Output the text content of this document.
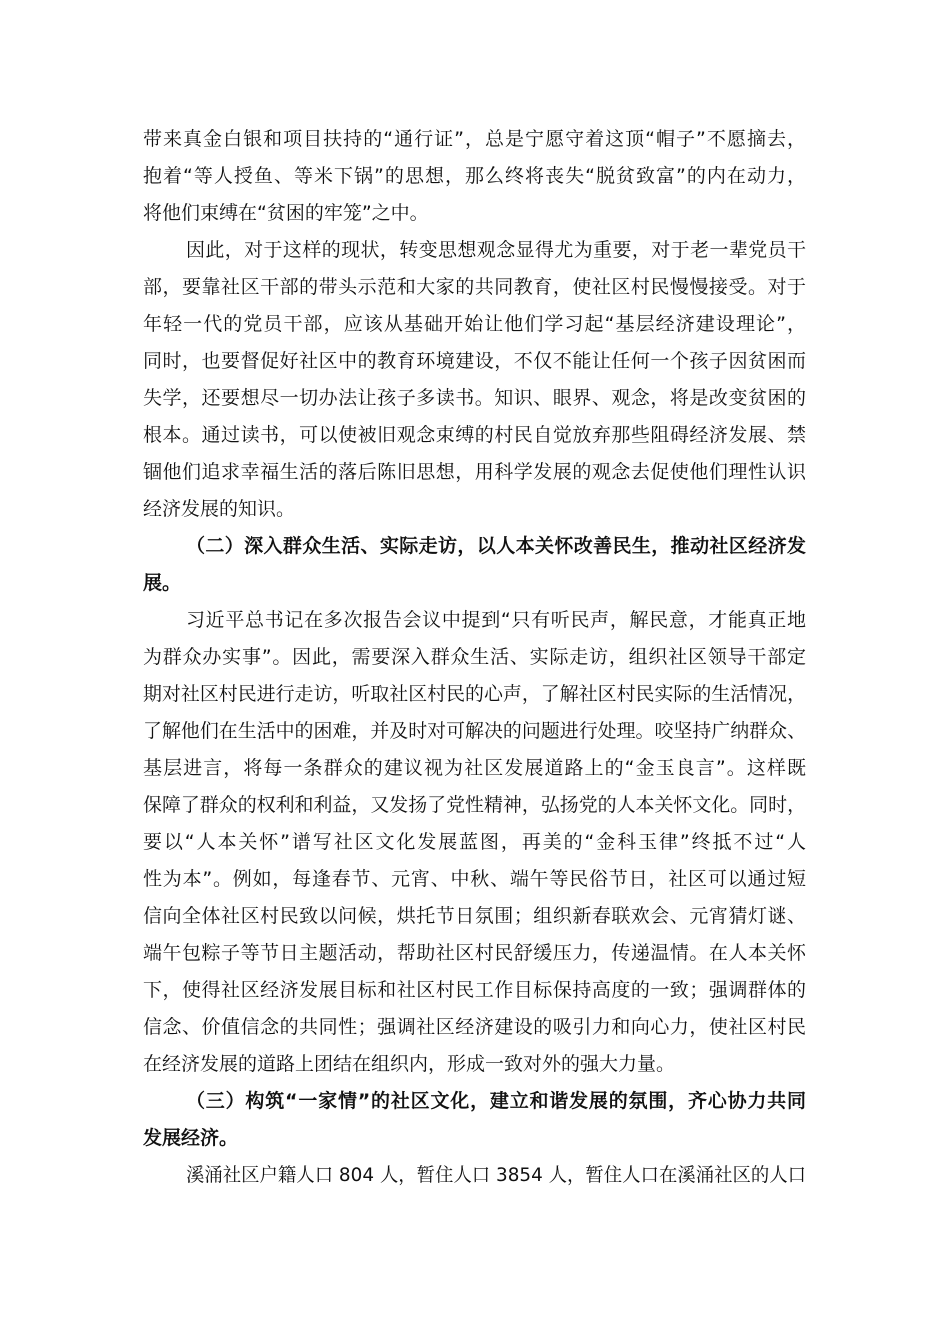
带来真金白银和项目扶持的“通行证”，总是宁愿守着这顶“帽子”不愿摘去，
抱着“等人授鱼、等米下锅”的思想，那么终将丧失“脱贫致富”的内在动力，
将他们束缚在“贫困的牢笼”之中。
因此，对于这样的现状，转变思想观念显得尤为重要，对于老一辈党员干
部，要靠社区干部的带头示范和大家的共同教育，使社区村民慢慢接受。对于
年轻一代的党员干部，应该从基础开始让他们学习起“基层经济建设理论”，
同时，也要督促好社区中的教育环境建设，不仅不能让任何一个孩子因贫困而
失学，还要想尽一切办法让孩子多读书。知识、眼界、观念，将是改变贫困的
根本。通过读书，可以使被旧观念束缚的村民自觉放弃那些阻碍经济发展、禁
锢他们追求幸福生活的落后陈旧思想，用科学发展的观念去促使他们理性认识
经济发展的知识。
（二）深入群众生活、实际走访，以人本关怀改善民生，推动社区经济发
展。
习近平总书记在多次报告会议中提到“只有听民声，解民意，才能真正地
为群众办实事”。因此，需要深入群众生活、实际走访，组织社区领导干部定
期对社区村民进行走访，听取社区村民的心声，了解社区村民实际的生活情况，
了解他们在生活中的困难，并及时对可解决的问题进行处理。咬坚持广纳群众、
基层进言，将每一条群众的建议视为社区发展道路上的“金玉良言”。这样既
保障了群众的权利和利益，又发扬了党性精神，弘扬党的人本关怀文化。同时，
要以“人本关怀”谱写社区文化发展蓝图，再美的“金科玉律”终抵不过“人
性为本”。例如，每逢春节、元宵、中秋、端午等民俗节日，社区可以通过短
信向全体社区村民致以问候，烘托节日氛围；组织新春联欢会、元宵猜灯谜、
端午包粽子等节日主题活动，帮助社区村民舒缓压力，传递温情。在人本关怀
下，使得社区经济发展目标和社区村民工作目标保持高度的一致；强调群体的
信念、价值信念的共同性；强调社区经济建设的吸引力和向心力，使社区村民
在经济发展的道路上团结在组织内，形成一致对外的强大力量。
（三）构筑“一家情”的社区文化，建立和谐发展的氛围，齐心协力共同
发展经济。
溪涌社区户籍人口 804 人，暂住人口 3854 人，暂住人口在溪涌社区的人口
